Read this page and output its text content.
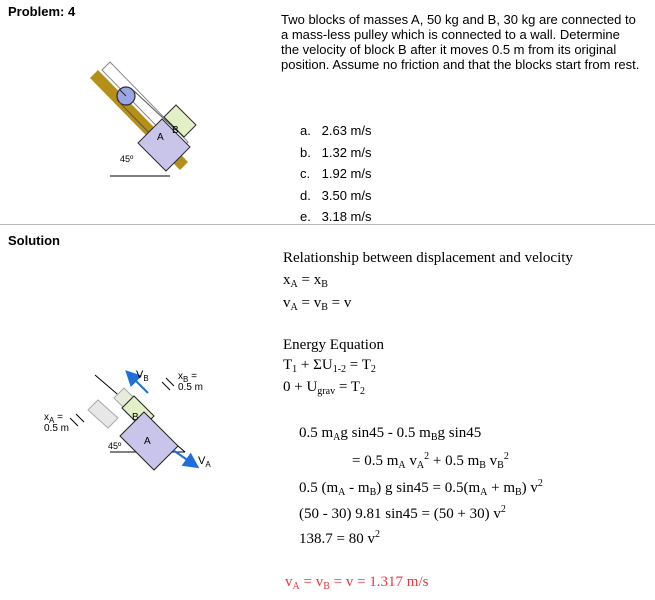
Problem: 4
A
B
45º
Two blocks of masses A, 50 kg and B, 30 kg are connected to a mass-less pulley which is connected to a wall. Determine the velocity of block B after it moves 0.5 m from its original position. Assume no friction and that the blocks start from rest.
a. 2.63 m/s
b. 1.32 m/s
c. 1.92 m/s
d. 3.50 m/s
e. 3.18 m/s
Solution
B
A
45º
$V_B$
$V_A$
$x_B$ =
0.5 m
$x_A$ =
0.5 m
Relationship between displacement and velocity
$x_A = x_B$
$v_A = v_B = v$
Energy Equation
$T_1 + \Sigma U_{1-2} = T_2$
$0 + U_{grav} = T_2$
0.5 $m_Ag$ sin45 - 0.5 $m_Bg$ sin45
= 0.5 $m_A$ $v_A^2 + 0.5$ $m_B$ $v_B^2$
0.5 $(m_A - m_B)$ g $\sin 45 = 0.5(m_A + m_B)$ $v^2$
(50 - 30) 9.81 sin45 = (50 + 30) $v^2$
138.7 = 80 $v^2$
$v_A = v_B = v = 1.317$ m/s
